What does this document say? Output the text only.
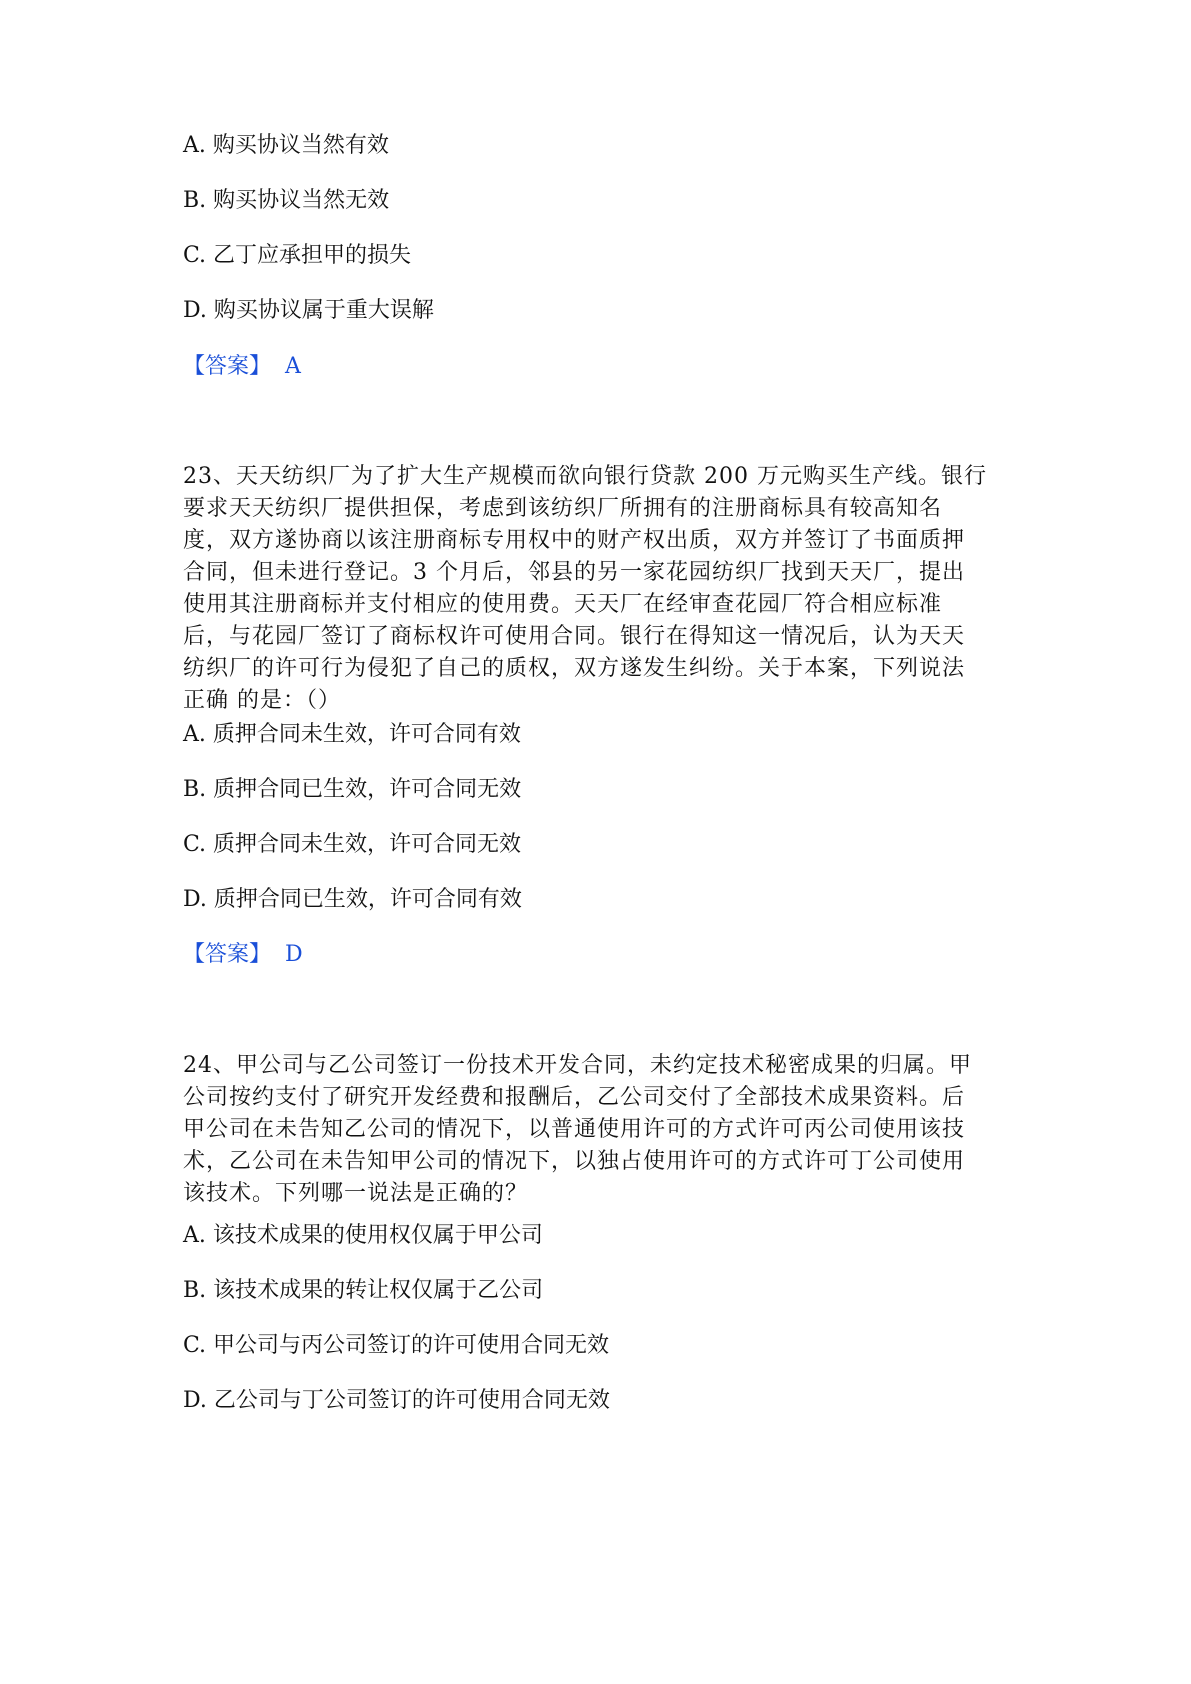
A. 购买协议当然有效
B. 购买协议当然无效
C. 乙丁应承担甲的损失
D. 购买协议属于重大误解
【答案】 A
23、天天纺织厂为了扩大生产规模而欲向银行贷款 200 万元购买生产线。银行
要求天天纺织厂提供担保，考虑到该纺织厂所拥有的注册商标具有较高知名
度，双方遂协商以该注册商标专用权中的财产权出质，双方并签订了书面质押
合同，但未进行登记。3 个月后，邻县的另一家花园纺织厂找到天天厂，提出
使用其注册商标并支付相应的使用费。天天厂在经审查花园厂符合相应标准
后，与花园厂签订了商标权许可使用合同。银行在得知这一情况后，认为天天
纺织厂的许可行为侵犯了自己的质权，双方遂发生纠纷。关于本案，下列说法
正确 的是：（）
A. 质押合同未生效，许可合同有效
B. 质押合同已生效，许可合同无效
C. 质押合同未生效，许可合同无效
D. 质押合同已生效，许可合同有效
【答案】 D
24、甲公司与乙公司签订一份技术开发合同，未约定技术秘密成果的归属。甲
公司按约支付了研究开发经费和报酬后，乙公司交付了全部技术成果资料。后
甲公司在未告知乙公司的情况下，以普通使用许可的方式许可丙公司使用该技
术，乙公司在未告知甲公司的情况下，以独占使用许可的方式许可丁公司使用
该技术。下列哪一说法是正确的？
A. 该技术成果的使用权仅属于甲公司
B. 该技术成果的转让权仅属于乙公司
C. 甲公司与丙公司签订的许可使用合同无效
D. 乙公司与丁公司签订的许可使用合同无效
